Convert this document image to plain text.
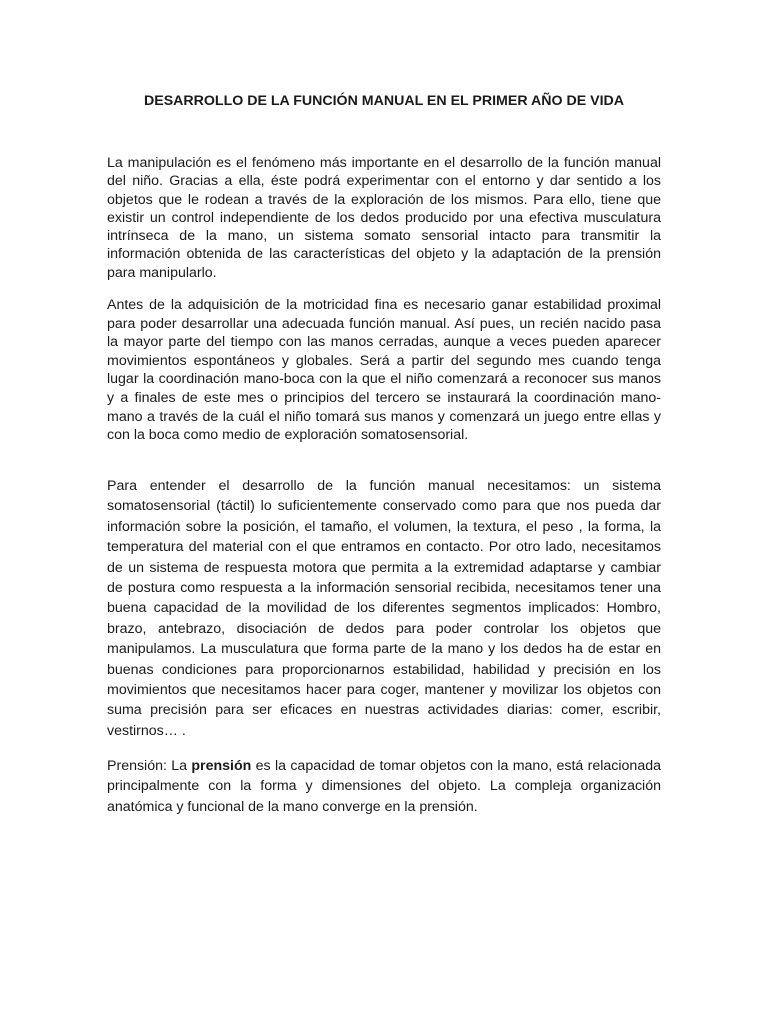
DESARROLLO DE LA FUNCIÓN MANUAL EN EL PRIMER AÑO DE VIDA

La manipulación es el fenómeno más importante en el desarrollo de la función manual del niño. Gracias a ella, éste podrá experimentar con el entorno y dar sentido a los objetos que le rodean a través de la exploración de los mismos. Para ello, tiene que existir un control independiente de los dedos producido por una efectiva musculatura intrínseca de la mano, un sistema somato sensorial intacto para transmitir la información obtenida de las características del objeto y la adaptación de la prensión para manipularlo.

Antes de la adquisición de la motricidad fina es necesario ganar estabilidad proximal para poder desarrollar una adecuada función manual. Así pues, un recién nacido pasa la mayor parte del tiempo con las manos cerradas, aunque a veces pueden aparecer movimientos espontáneos y globales. Será a partir del segundo mes cuando tenga lugar la coordinación mano-boca con la que el niño comenzará a reconocer sus manos y a finales de este mes o principios del tercero se instaurará la coordinación mano-mano a través de la cuál el niño tomará sus manos y comenzará un juego entre ellas y con la boca como medio de exploración somatosensorial.

Para entender el desarrollo de la función manual necesitamos: un sistema somatosensorial (táctil) lo suficientemente conservado como para que nos pueda dar información sobre la posición, el tamaño, el volumen, la textura, el peso , la forma, la temperatura del material con el que entramos en contacto. Por otro lado, necesitamos de un sistema de respuesta motora que permita a la extremidad adaptarse y cambiar de postura como respuesta a la información sensorial recibida, necesitamos tener una buena capacidad de la movilidad de los diferentes segmentos implicados: Hombro, brazo, antebrazo, disociación de dedos para poder controlar los objetos que manipulamos. La musculatura que forma parte de la mano y los dedos ha de estar en buenas condiciones para proporcionarnos estabilidad, habilidad y precisión en los movimientos que necesitamos hacer para coger, mantener y movilizar los objetos con suma precisión para ser eficaces en nuestras actividades diarias: comer, escribir, vestirnos… .

Prensión: La prensión es la capacidad de tomar objetos con la mano, está relacionada principalmente con la forma y dimensiones del objeto. La compleja organización anatómica y funcional de la mano converge en la prensión.
